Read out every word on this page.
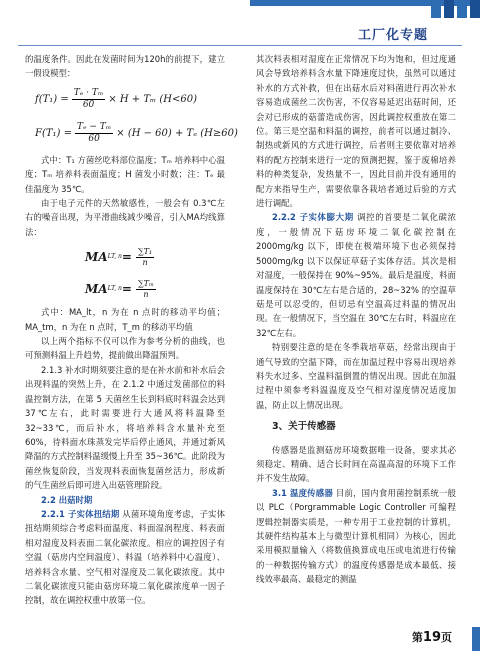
工厂化专题

的温度条件。因此在发菌时间为120h的前提下，建立一假设模型：

$f(T_1) = \frac{\text{Tₑ · Tₘ}}{60} \times H + T_m$ (H<60)
$F(T_1) = \frac{\text{Tₑ − Tₘ}}{60} \times (H - 60) + T_e$ (H≥60)

式中：T₁ 方菌丝吃料部位温度；Tₘ 培养料中心温度；Tₘ 培养料表面温度；H 菌发小时数；注：Tₑ 最佳温度为 35℃。

由于电子元件的天然敏感性，一般会有 0.3℃左右的噪音出现，为平滑曲线减少噪音，引入MA均线算法：

MA LT, $n = \frac{\text{∑T₁}}{n}$
MA LT, $n = \frac{\text{∑Tₘ}}{n}$

式中：MA_lt，n 为在 n 点时的移动平均值；MA_tm，n 为在 n 点时，T_m 的移动平均值

以上两个指标不仅可以作为参考分析的曲线，也可预测料温上升趋势，提前做出降温预判。

2.1.3 补水时期须要注意的是在补水前和补水后会出现料温的突然上升，在 2.1.2 中通过发菌部位的料温控制方法，在第 5 天菌丝生长到料底时料温会达到 37℃左右，此时需要进行大通风将料温降至 32~33℃，而后补水，将培养料含水量补充至 60%，待料面水珠蒸发完毕后停止通风，并通过新风降温的方式控制料温缓慢上升至 35~36℃。此阶段为菌丝恢复阶段，当发现料表面恢复菌丝活力，形成新的气生菌丝后即可进入出菇管理阶段。

2.2 出菇时期

2.2.1 子实体扭结期 从菌环境角度考虑，子实体扭结期须综合考虑料面温度、料面湿润程度、料表面相对湿度及料表面二氧化碳浓度。相应的调控因子有空温（菇房内空间温度）、料温（培养料中心温度）、培养料含水量、空气相对湿度及二氧化碳浓度。其中二氧化碳浓度只能由菇房环境二氧化碳浓度单一因子控制，故在调控权重中放第一位。

其次料表相对湿度在正常情况下均为饱和，但过度通风会导致培养料含水量下降速度过快，虽然可以通过补水的方式补救，但在出菇水后对料菌进行再次补水容易造成菌丝二次伤害，不仅容易延迟出菇时间，还会对已形成的菇蕾造成伤害，因此调控权重放在第二位。第三是空温和料温的调控，前者可以通过制冷、制热或新风的方式进行调控，后者则主要依靠对培养料的配方控制来进行一定的预测把握，鉴于废棉培养料的种类复杂，发热量不一，因此目前并没有通用的配方来指导生产，需要依靠各栽培者通过后验的方式进行调配。

2.2.2 子实体膨大期 调控的首要是二氧化碳浓度，一般情况下菇房环境二氧化碳控制在 2000mg/kg 以下，即使在极端环境下也必须保持 5000mg/kg 以下以保证草菇子实体存活。其次是相对湿度，一般保持在 90%~95%。最后是温度，料面温度保持在 30℃左右是合适的，28~32% 的空温草菇是可以忍受的，但切忌有空温高过料温的情况出现。在一般情况下，当空温在 30℃左右时，料温应在 32℃左右。

特别要注意的是在冬季栽培草菇，经常出现由于通气导致的空温下降，而在加温过程中容易出现培养料失水过多、空温料温倒置的情况出现。因此在加温过程中须参考料温温度及空气相对湿度情况适度加温，防止以上情况出现。

3、关于传感器

传感器是监测菇房环境数据唯一设备，要求其必须稳定、精确、适合长时间在高温高湿的环境下工作并不发生故障。

3.1 温度传感器 目前，国内食用菌控制系统一般以 PLC（Porgrammable Logic Controller 可编程逻辑控制器实质是，一种专用于工业控制的计算机，其硬件结构基本上与微型计算机相同）为核心，因此采用模拟量输入（将数值换算成电压或电流进行传输的一种数据传输方式）的温度传感器是成本最低、接线效率最高、最稳定的测温

第19页
